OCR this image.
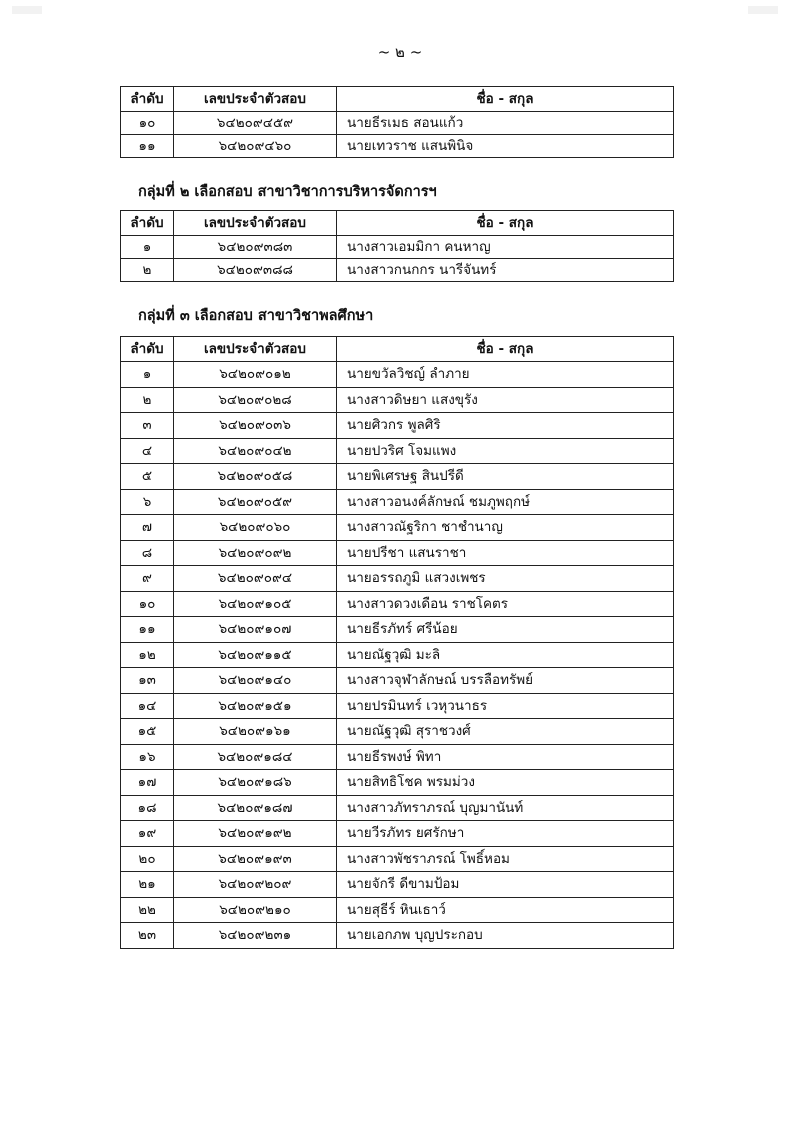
~ ๒ ~
ลำดับ	เลขประจำตัวสอบ	ชื่อ - สกุล
๑๐	๖๔๒๐๙๔๕๙	นายธีรเมธ สอนแก้ว
๑๑	๖๔๒๐๙๔๖๐	นายเทวราช แสนพินิจ
กลุ่มที่ ๒ เลือกสอบ สาขาวิชาการบริหารจัดการฯ
ลำดับ	เลขประจำตัวสอบ	ชื่อ - สกุล
๑	๖๔๒๐๙๓๘๓	นางสาวเอมมิกา คนหาญ
๒	๖๔๒๐๙๓๘๘	นางสาวกนกกร นารีจันทร์
กลุ่มที่ ๓ เลือกสอบ สาขาวิชาพลศึกษา
ลำดับ	เลขประจำตัวสอบ	ชื่อ - สกุล
๑	๖๔๒๐๙๐๑๒	นายขวัลวิชญ์ ลำภาย
๒	๖๔๒๐๙๐๒๘	นางสาวดิษยา แสงขุรัง
๓	๖๔๒๐๙๐๓๖	นายศิวกร พูลศิริ
๔	๖๔๒๐๙๐๔๒	นายปวริศ โจมแพง
๕	๖๔๒๐๙๐๕๘	นายพิเศรษฐ สินปรีดี
๖	๖๔๒๐๙๐๕๙	นางสาวอนงค์ลักษณ์ ชมภูพฤกษ์
๗	๖๔๒๐๙๐๖๐	นางสาวณัฐริกา ชาชำนาญ
๘	๖๔๒๐๙๐๙๒	นายปรีชา แสนราชา
๙	๖๔๒๐๙๐๙๔	นายอรรถภูมิ แสวงเพชร
๑๐	๖๔๒๐๙๑๐๕	นางสาวดวงเดือน ราชโคตร
๑๑	๖๔๒๐๙๑๐๗	นายธีรภัทร์ ศรีน้อย
๑๒	๖๔๒๐๙๑๑๕	นายณัฐวุฒิ มะลิ
๑๓	๖๔๒๐๙๑๔๐	นางสาวจุฬาลักษณ์ บรรลือทรัพย์
๑๔	๖๔๒๐๙๑๕๑	นายปรมินทร์ เวหุวนาธร
๑๕	๖๔๒๐๙๑๖๑	นายณัฐวุฒิ สุราชวงศ์
๑๖	๖๔๒๐๙๑๘๔	นายธีรพงษ์ พิทา
๑๗	๖๔๒๐๙๑๘๖	นายสิทธิโชค พรมม่วง
๑๘	๖๔๒๐๙๑๘๗	นางสาวภัทราภรณ์ บุญมานันท์
๑๙	๖๔๒๐๙๑๙๒	นายวีรภัทร ยศรักษา
๒๐	๖๔๒๐๙๑๙๓	นางสาวพัชราภรณ์ โพธิ์หอม
๒๑	๖๔๒๐๙๒๐๙	นายจักรี ดีขามป้อม
๒๒	๖๔๒๐๙๒๑๐	นายสุธีร์ หินเธาว์
๒๓	๖๔๒๐๙๒๓๑	นายเอกภพ บุญประกอบ
